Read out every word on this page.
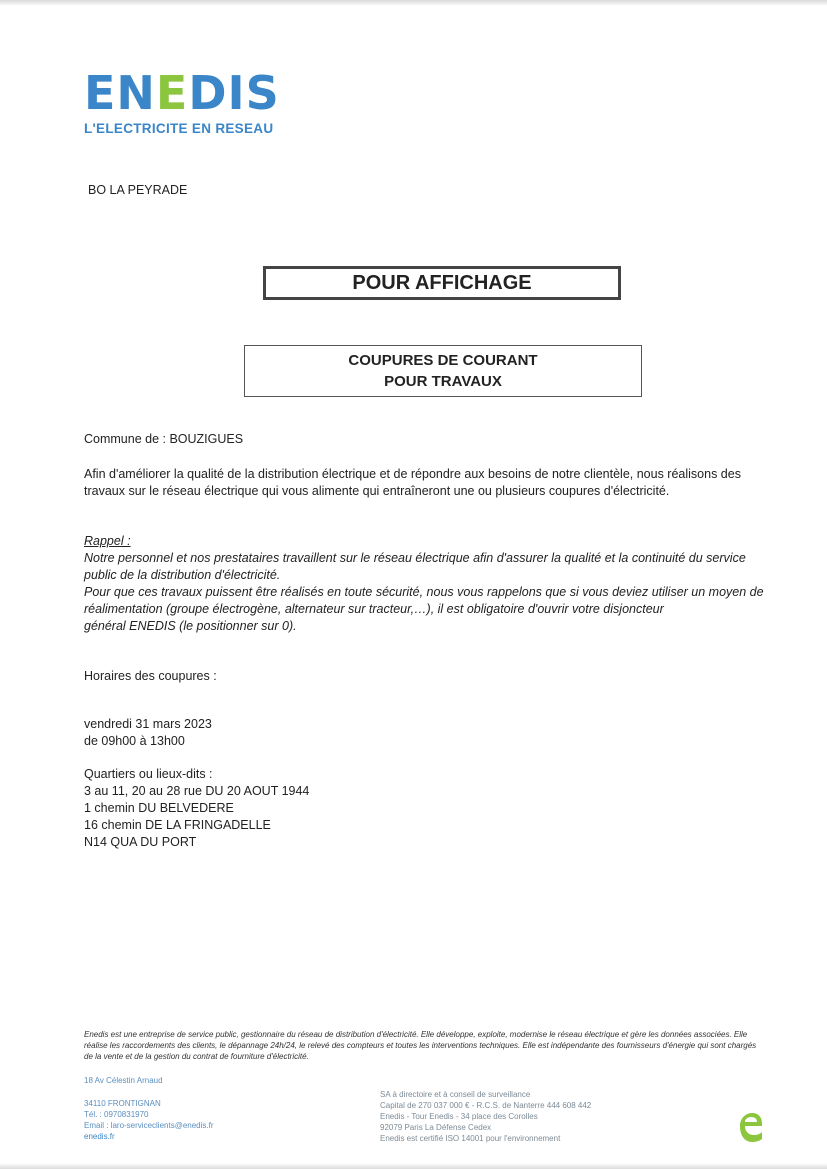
ENEDIS
L'ELECTRICITE EN RESEAU
BO LA PEYRADE
POUR AFFICHAGE
COUPURES DE COURANT
POUR TRAVAUX
Commune de : BOUZIGUES
Afin d'améliorer la qualité de la distribution électrique et de répondre aux besoins de notre clientèle, nous réalisons des travaux sur le réseau électrique qui vous alimente qui entraîneront une ou plusieurs coupures d'électricité.
Rappel :

Notre personnel et nos prestataires travaillent sur le réseau électrique afin d'assurer la qualité et la continuité du service public de la distribution d'électricité.

Pour que ces travaux puissent être réalisés en toute sécurité, nous vous rappelons que si vous deviez utiliser un moyen de réalimentation (groupe électrogène, alternateur sur tracteur,…), il est obligatoire d'ouvrir votre disjoncteur

général ENEDIS (le positionner sur 0).

Horaires des coupures :
vendredi 31 mars 2023
de 09h00 à 13h00
Quartiers ou lieux-dits :
3 au 11, 20 au 28 rue DU 20 AOUT 1944
1 chemin DU BELVEDERE
16 chemin DE LA FRINGADELLE
N14 QUA DU PORT
Enedis est une entreprise de service public, gestionnaire du réseau de distribution d'électricité. Elle développe, exploite, modernise le réseau électrique et gère les données associées. Elle réalise les raccordements des clients, le dépannage 24h/24, le relevé des compteurs et toutes les interventions techniques. Elle est indépendante des fournisseurs d'énergie qui sont chargés de la vente et de la gestion du contrat de fourniture d'électricité.
18 Av Célestin Arnaud
34110 FRONTIGNAN
Tél. : 0970831970
Email : laro-serviceclients@enedis.fr
enedis.fr
SA à directoire et à conseil de surveillance
Capital de 270 037 000 € - R.C.S. de Nanterre 444 608 442
Enedis - Tour Enedis - 34 place des Corolles
92079 Paris La Défense Cedex
Enedis est certifié ISO 14001 pour l'environnement
